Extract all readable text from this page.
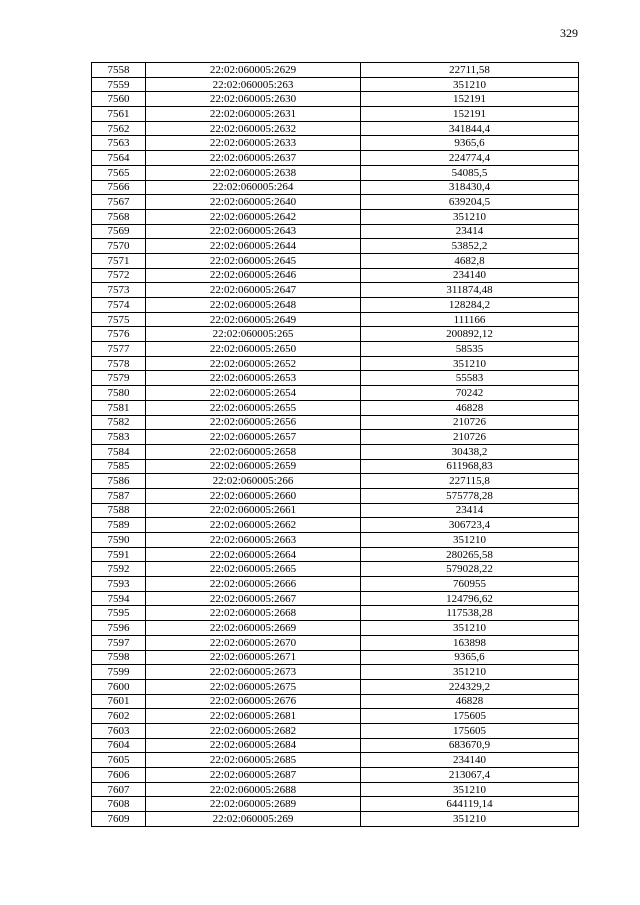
329
7558	22:02:060005:2629	22711,58
7559	22:02:060005:263	351210
7560	22:02:060005:2630	152191
7561	22:02:060005:2631	152191
7562	22:02:060005:2632	341844,4
7563	22:02:060005:2633	9365,6
7564	22:02:060005:2637	224774,4
7565	22:02:060005:2638	54085,5
7566	22:02:060005:264	318430,4
7567	22:02:060005:2640	639204,5
7568	22:02:060005:2642	351210
7569	22:02:060005:2643	23414
7570	22:02:060005:2644	53852,2
7571	22:02:060005:2645	4682,8
7572	22:02:060005:2646	234140
7573	22:02:060005:2647	311874,48
7574	22:02:060005:2648	128284,2
7575	22:02:060005:2649	111166
7576	22:02:060005:265	200892,12
7577	22:02:060005:2650	58535
7578	22:02:060005:2652	351210
7579	22:02:060005:2653	55583
7580	22:02:060005:2654	70242
7581	22:02:060005:2655	46828
7582	22:02:060005:2656	210726
7583	22:02:060005:2657	210726
7584	22:02:060005:2658	30438,2
7585	22:02:060005:2659	611968,83
7586	22:02:060005:266	227115,8
7587	22:02:060005:2660	575778,28
7588	22:02:060005:2661	23414
7589	22:02:060005:2662	306723,4
7590	22:02:060005:2663	351210
7591	22:02:060005:2664	280265,58
7592	22:02:060005:2665	579028,22
7593	22:02:060005:2666	760955
7594	22:02:060005:2667	124796,62
7595	22:02:060005:2668	117538,28
7596	22:02:060005:2669	351210
7597	22:02:060005:2670	163898
7598	22:02:060005:2671	9365,6
7599	22:02:060005:2673	351210
7600	22:02:060005:2675	224329,2
7601	22:02:060005:2676	46828
7602	22:02:060005:2681	175605
7603	22:02:060005:2682	175605
7604	22:02:060005:2684	683670,9
7605	22:02:060005:2685	234140
7606	22:02:060005:2687	213067,4
7607	22:02:060005:2688	351210
7608	22:02:060005:2689	644119,14
7609	22:02:060005:269	351210
